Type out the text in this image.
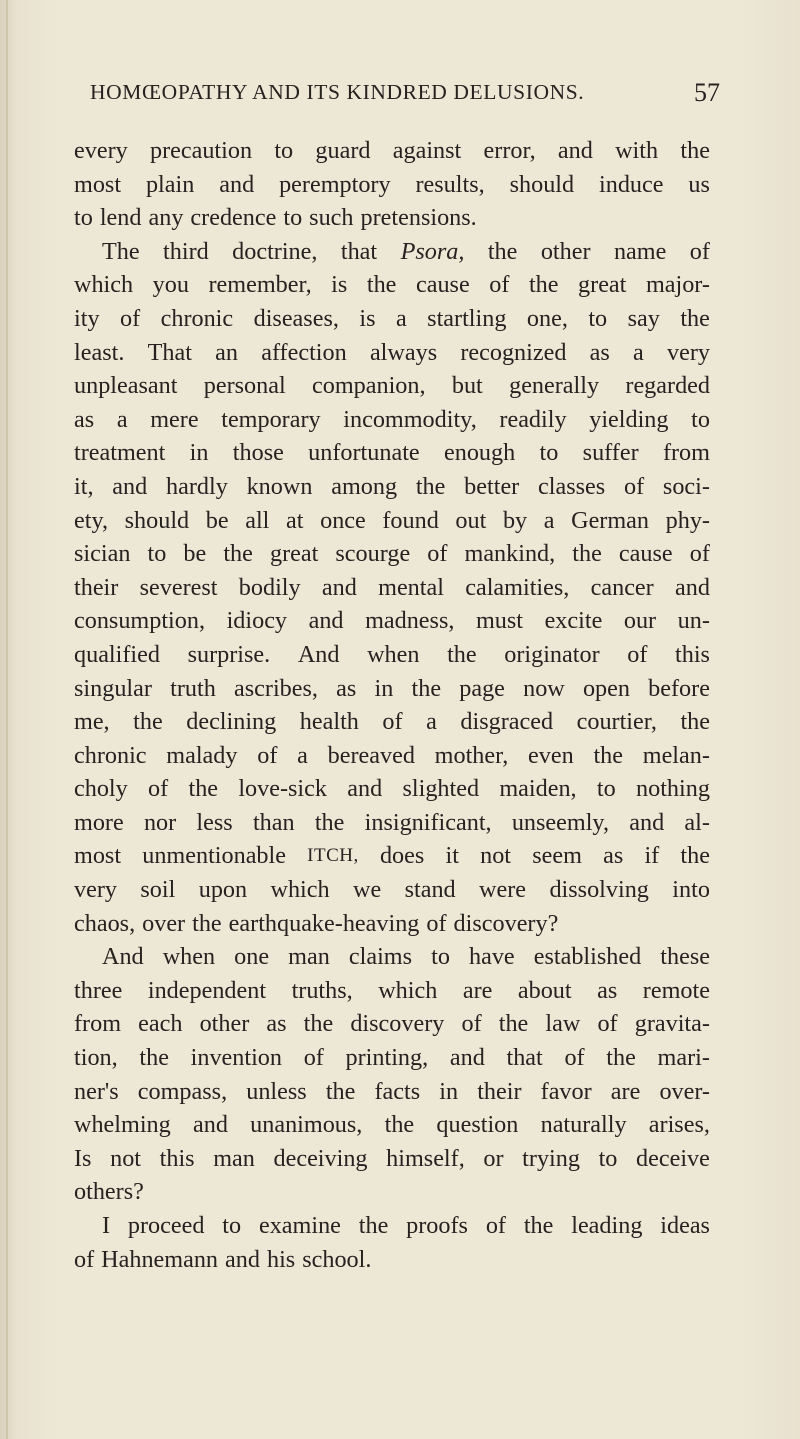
HOMŒOPATHY AND ITS KINDRED DELUSIONS.	57
every precaution to guard against error, and with the
most plain and peremptory results, should induce us
to lend any credence to such pretensions.
The third doctrine, that Psora, the other name of
which you remember, is the cause of the great major-
ity of chronic diseases, is a startling one, to say the
least. That an affection always recognized as a very
unpleasant personal companion, but generally regarded
as a mere temporary incommodity, readily yielding to
treatment in those unfortunate enough to suffer from
it, and hardly known among the better classes of soci-
ety, should be all at once found out by a German phy-
sician to be the great scourge of mankind, the cause of
their severest bodily and mental calamities, cancer and
consumption, idiocy and madness, must excite our un-
qualified surprise. And when the originator of this
singular truth ascribes, as in the page now open before
me, the declining health of a disgraced courtier, the
chronic malady of a bereaved mother, even the melan-
choly of the love-sick and slighted maiden, to nothing
more nor less than the insignificant, unseemly, and al-
most unmentionable ITCH, does it not seem as if the
very soil upon which we stand were dissolving into
chaos, over the earthquake-heaving of discovery?
And when one man claims to have established these
three independent truths, which are about as remote
from each other as the discovery of the law of gravita-
tion, the invention of printing, and that of the mari-
ner's compass, unless the facts in their favor are over-
whelming and unanimous, the question naturally arises,
Is not this man deceiving himself, or trying to deceive
others?
I proceed to examine the proofs of the leading ideas
of Hahnemann and his school.
